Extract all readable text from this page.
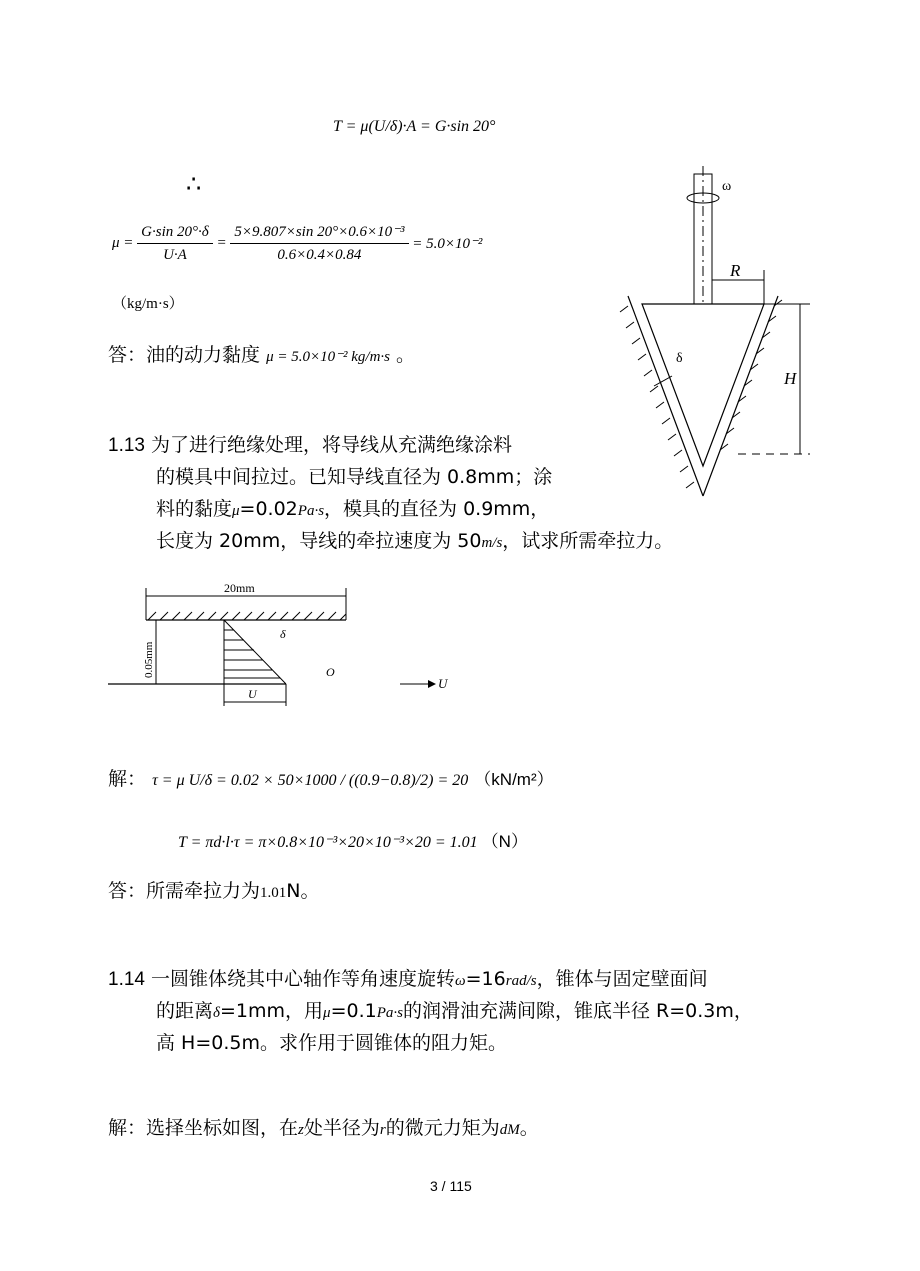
T = μ(U/δ)·A = G·sin 20°
∴
$\mu = \frac{G\cdot\sin 20^\circ\cdot\delta}{U\cdot A} = \frac{\text{5×9.807×sin 20°×0.6×10⁻³}}{0.6\times 0.4\times 0.84} = 5.0\times 10^{-2}$
（kg/m·s）
答：油的动力黏度 μ = 5.0×10⁻² kg/m·s 。
1.13 为了进行绝缘处理，将导线从充满绝缘涂料
的模具中间拉过。已知导线直径为 0.8mm；涂
料的黏度μ=0.02Pa·s，模具的直径为 0.9mm，
长度为 20mm，导线的牵拉速度为 50m/s，试求所需牵拉力。
ω
R
H
δ
20mm
0.05mm
δ
O
U
U
解： τ = μ U/δ = 0.02 × 50×1000 / ((0.9−0.8)/2) = 20 （kN/m²）
T = πd·l·τ = π×0.8×10⁻³×20×10⁻³×20 = 1.01 （N）
答：所需牵拉力为1.01N。
1.14 一圆锥体绕其中心轴作等角速度旋转ω=16rad/s，锥体与固定壁面间
的距离δ=1mm，用μ=0.1Pa·s的润滑油充满间隙，锥底半径 R=0.3m，
高 H=0.5m。求作用于圆锥体的阻力矩。
解：选择坐标如图，在z处半径为r的微元力矩为dM。
3 / 115
